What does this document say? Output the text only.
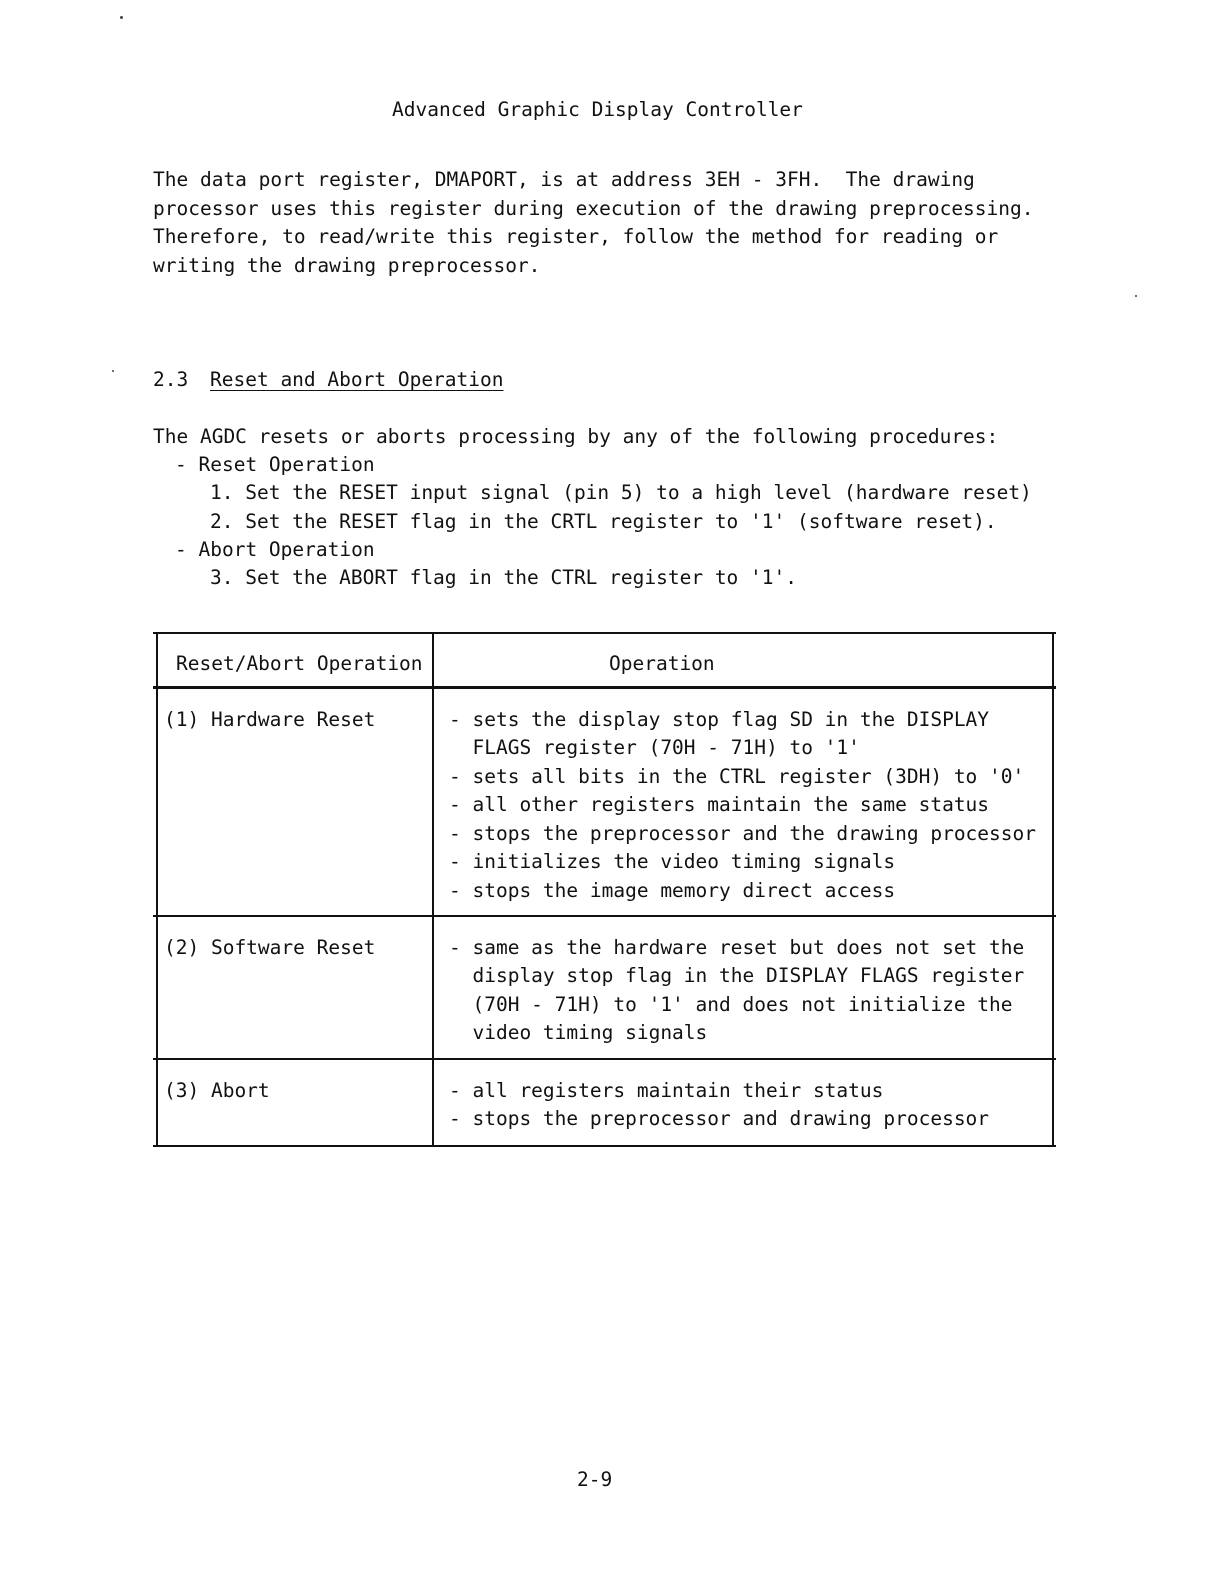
Advanced Graphic Display Controller
The data port register, DMAPORT, is at address 3EH - 3FH.  The drawing
processor uses this register during execution of the drawing preprocessing.
Therefore, to read/write this register, follow the method for reading or
writing the drawing preprocessor.
2.3 Reset and Abort Operation
The AGDC resets or aborts processing by any of the following procedures:
- Reset Operation
1. Set the RESET input signal (pin 5) to a high level (hardware reset)
2. Set the RESET flag in the CRTL register to '1' (software reset).
- Abort Operation
3. Set the ABORT flag in the CTRL register to '1'.
Reset/Abort Operation	Operation
(1) Hardware Reset	- sets the display stop flag SD in the DISPLAY
FLAGS register (70H - 71H) to '1'
- sets all bits in the CTRL register (3DH) to '0'
- all other registers maintain the same status
- stops the preprocessor and the drawing processor
- initializes the video timing signals
- stops the image memory direct access
(2) Software Reset	- same as the hardware reset but does not set the
display stop flag in the DISPLAY FLAGS register
(70H - 71H) to '1' and does not initialize the
video timing signals
(3) Abort	- all registers maintain their status
- stops the preprocessor and drawing processor
2-9
